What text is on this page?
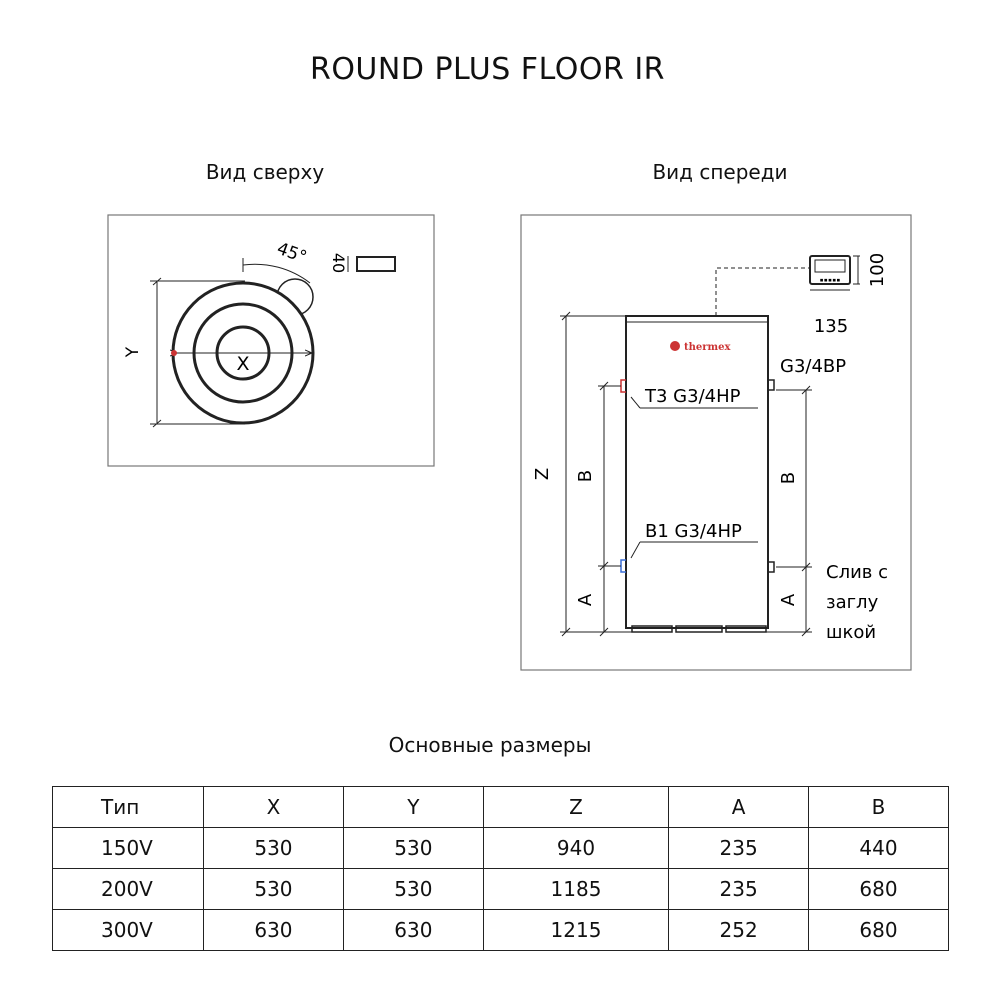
ROUND PLUS FLOOR IR
Вид сверху	Вид спереди
Y
X
45° 40
thermex
▪▪▪▪▪ 100
135
G3/4BP
T3 G3/4HP
B1 G3/4HP
Слив с
заглу
шкой
Z B
A
B
A
Основные размеры
Тип	X	Y	Z	A	B
150V	530	530	940	235	440
200V	530	530	1185	235	680
300V	630	630	1215	252	680
